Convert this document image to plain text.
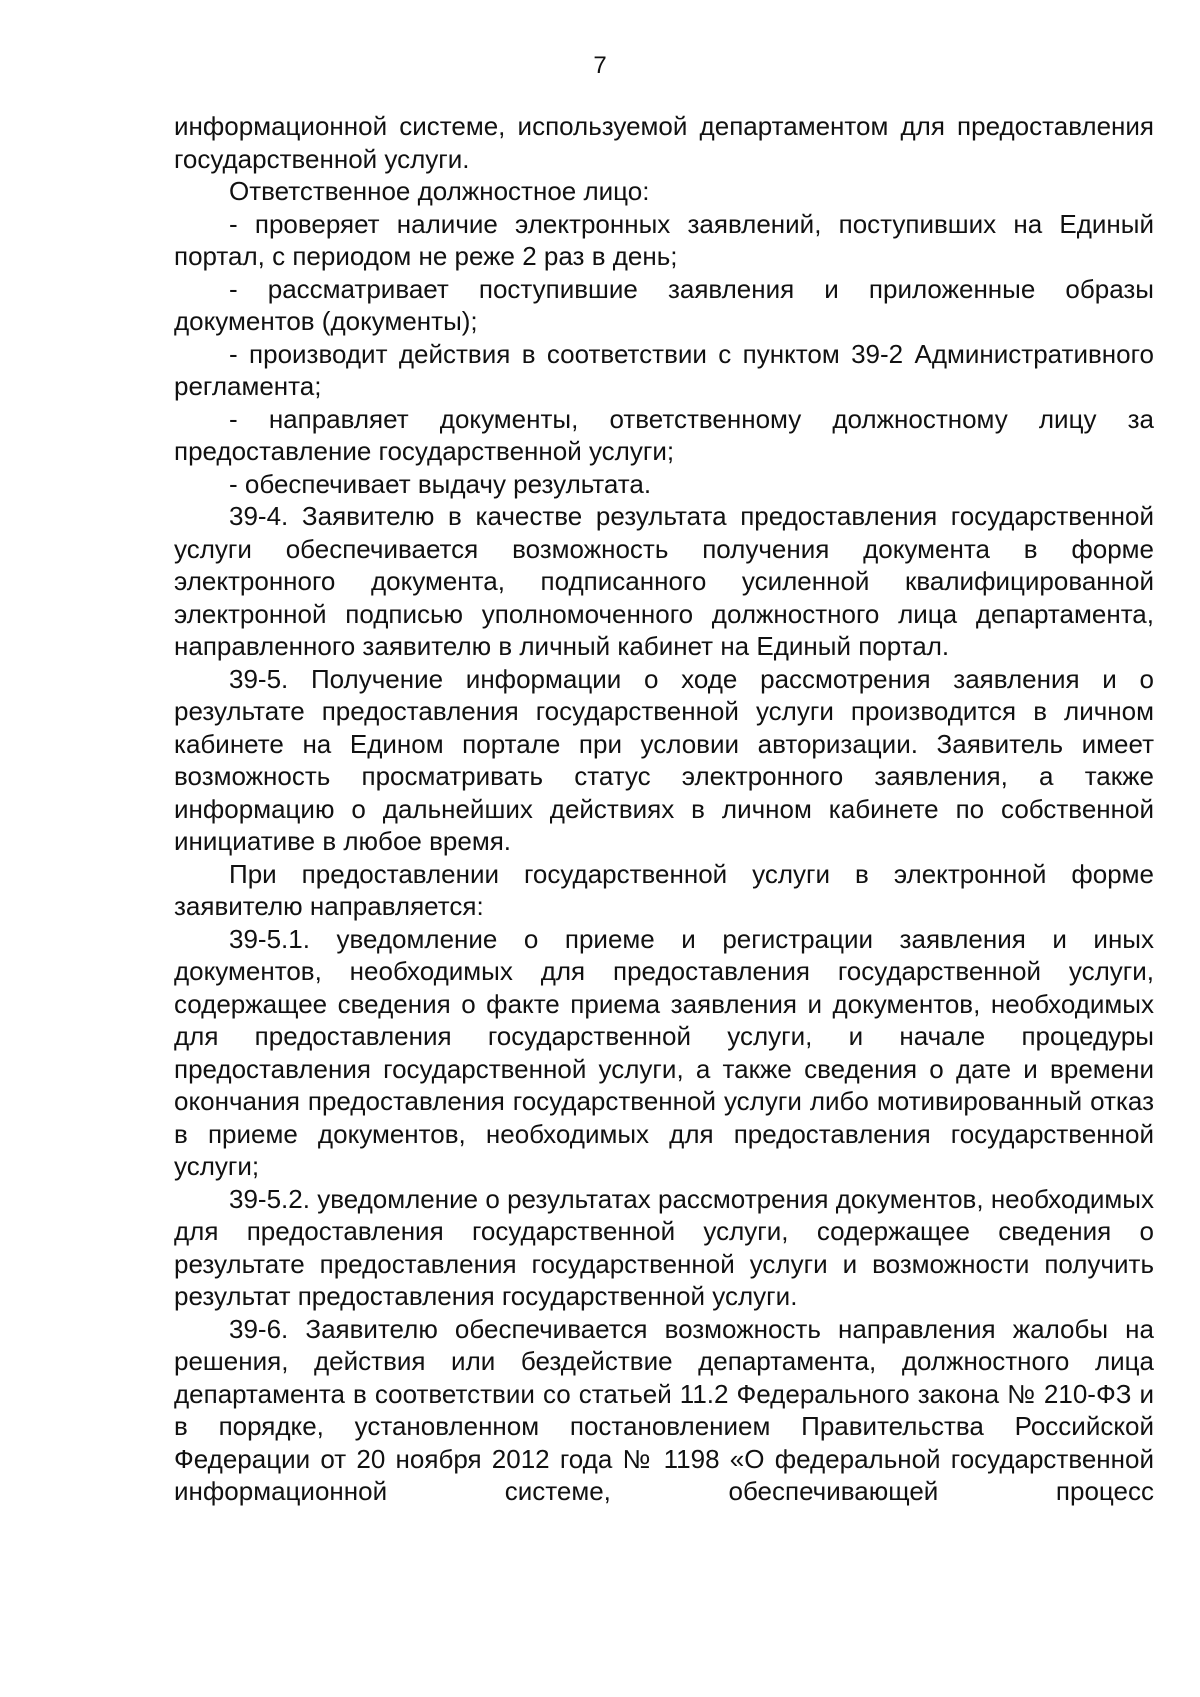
7

информационной системе, используемой департаментом для предоставления государственной услуги.

Ответственное должностное лицо:

- проверяет наличие электронных заявлений, поступивших на Единый портал, с периодом не реже 2 раз в день;

- рассматривает поступившие заявления и приложенные образы документов (документы);

- производит действия в соответствии с пунктом 39-2 Административного регламента;

- направляет документы, ответственному должностному лицу за предоставление государственной услуги;

- обеспечивает выдачу результата.

39-4. Заявителю в качестве результата предоставления государственной услуги обеспечивается возможность получения документа в форме электронного документа, подписанного усиленной квалифицированной электронной подписью уполномоченного должностного лица департамента, направленного заявителю в личный кабинет на Единый портал.

39-5. Получение информации о ходе рассмотрения заявления и о результате предоставления государственной услуги производится в личном кабинете на Едином портале при условии авторизации. Заявитель имеет возможность просматривать статус электронного заявления, а также информацию о дальнейших действиях в личном кабинете по собственной инициативе в любое время.

При предоставлении государственной услуги в электронной форме заявителю направляется:

39-5.1. уведомление о приеме и регистрации заявления и иных документов, необходимых для предоставления государственной услуги, содержащее сведения о факте приема заявления и документов, необходимых для предоставления государственной услуги, и начале процедуры предоставления государственной услуги, а также сведения о дате и времени окончания предоставления государственной услуги либо мотивированный отказ в приеме документов, необходимых для предоставления государственной услуги;

39-5.2. уведомление о результатах рассмотрения документов, необходимых для предоставления государственной услуги, содержащее сведения о результате предоставления государственной услуги и возможности получить результат предоставления государственной услуги.

39-6. Заявителю обеспечивается возможность направления жалобы на решения, действия или бездействие департамента, должностного лица департамента в соответствии со статьей 11.2 Федерального закона № 210-ФЗ и в порядке, установленном постановлением Правительства Российской Федерации от 20 ноября 2012 года № 1198 «О федеральной государственной информационной системе, обеспечивающей процесс
